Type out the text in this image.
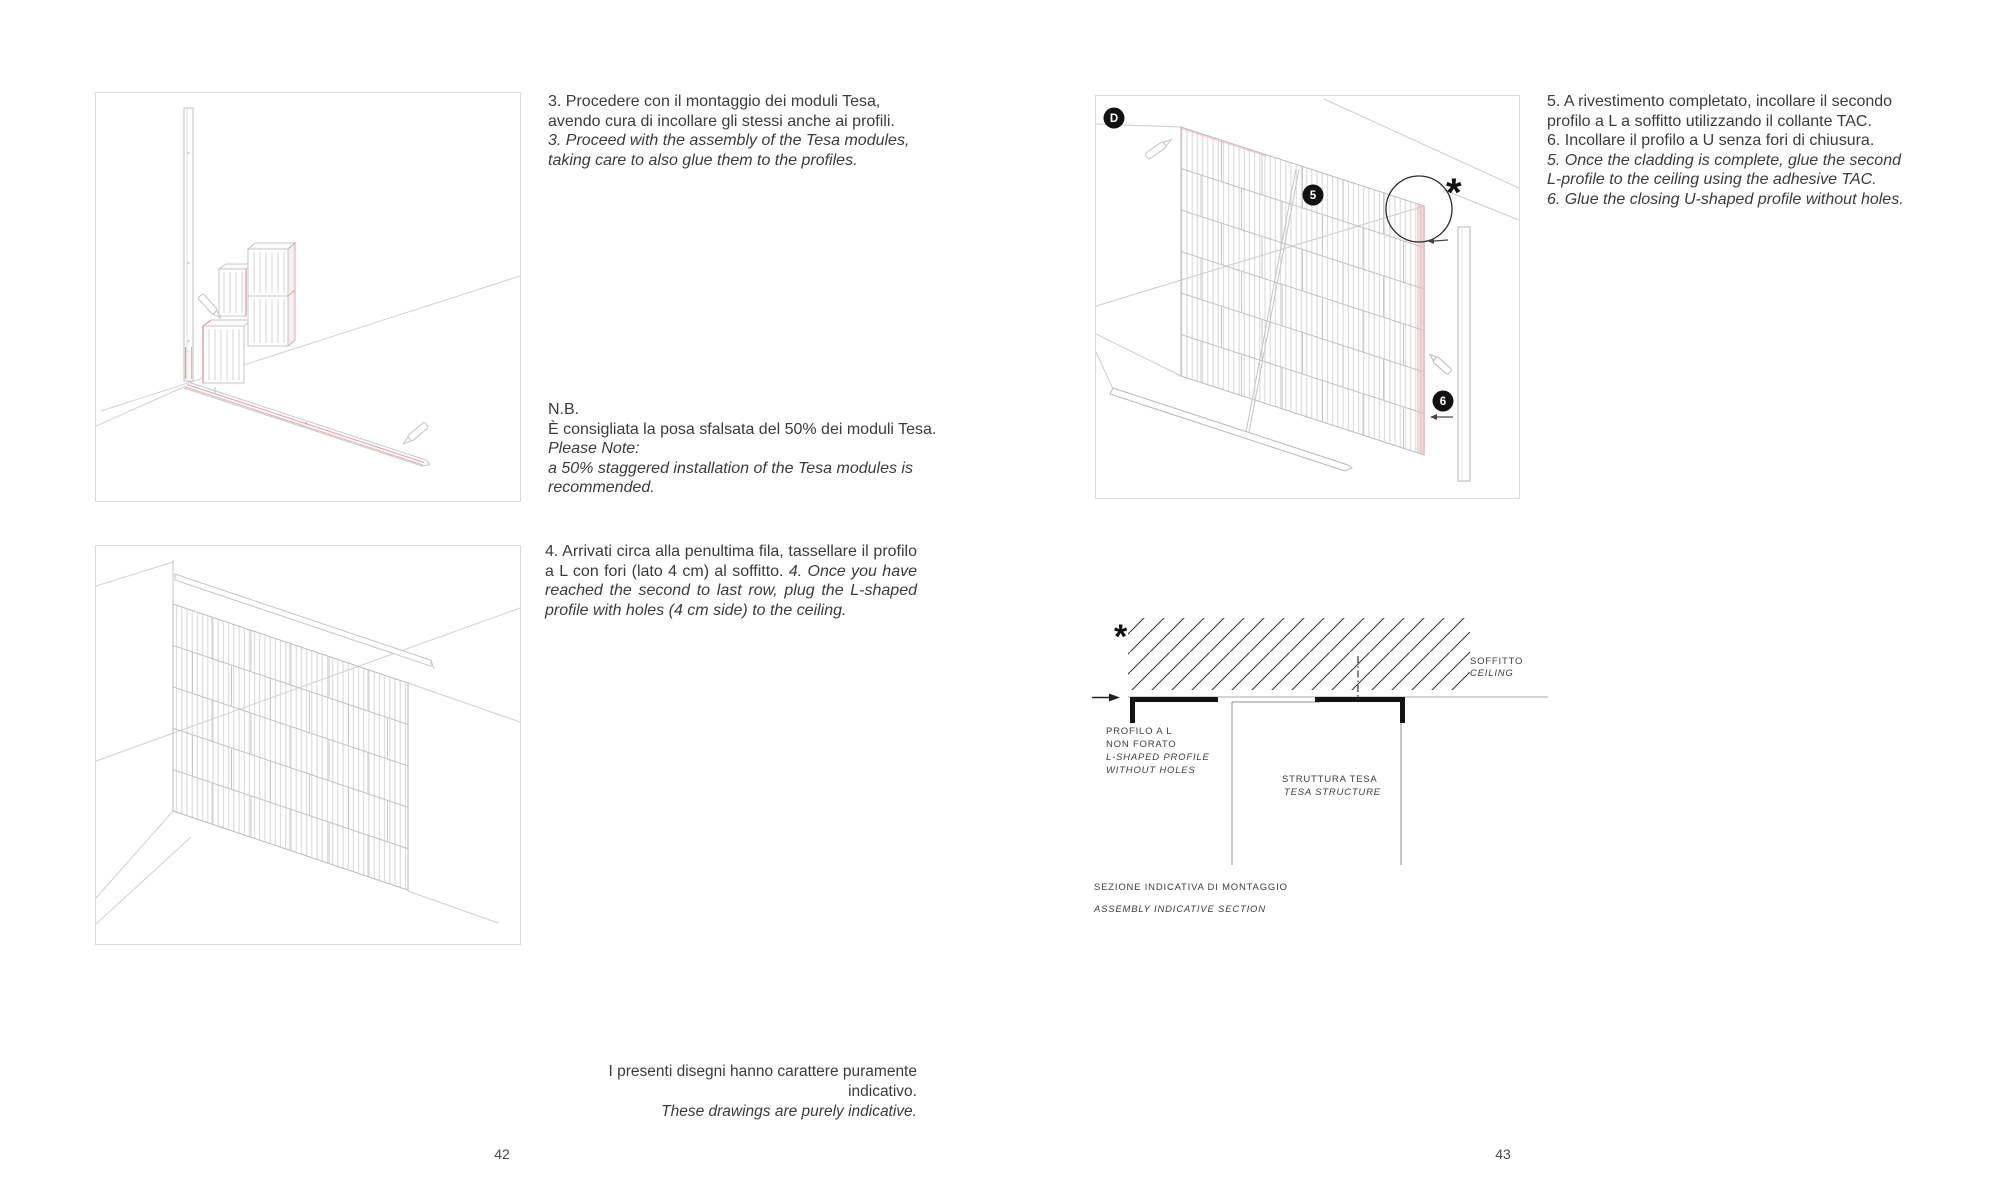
3. Procedere con il montaggio dei moduli Tesa,
avendo cura di incollare gli stessi anche ai profili.
3. Proceed with the assembly of the Tesa modules,
taking care to also glue them to the profiles.
N.B.
È consigliata la posa sfalsata del 50% dei moduli Tesa.
Please Note:
a 50% staggered installation of the Tesa modules is
recommended.
4. Arrivati circa alla penultima fila, tassellare il profilo a L con fori (lato 4 cm) al soffitto. 4. Once you have reached the second to last row, plug the L-shaped profile with holes (4 cm side) to the ceiling.
I presenti disegni hanno carattere puramente indicativo.
These drawings are purely indicative.
42
*
D
5
6
5. A rivestimento completato, incollare il secondo
profilo a L a soffitto utilizzando il collante TAC.
6. Incollare il profilo a U senza fori di chiusura.
5. Once the cladding is complete, glue the second
L-profile to the ceiling using the adhesive TAC.
6. Glue the closing U-shaped profile without holes.
*
SOFFITTO
CEILING
PROFILO A L
NON FORATO
L-SHAPED PROFILE
WITHOUT HOLES
STRUTTURA TESA
TESA STRUCTURE
SEZIONE INDICATIVA DI MONTAGGIO
ASSEMBLY INDICATIVE SECTION
43
